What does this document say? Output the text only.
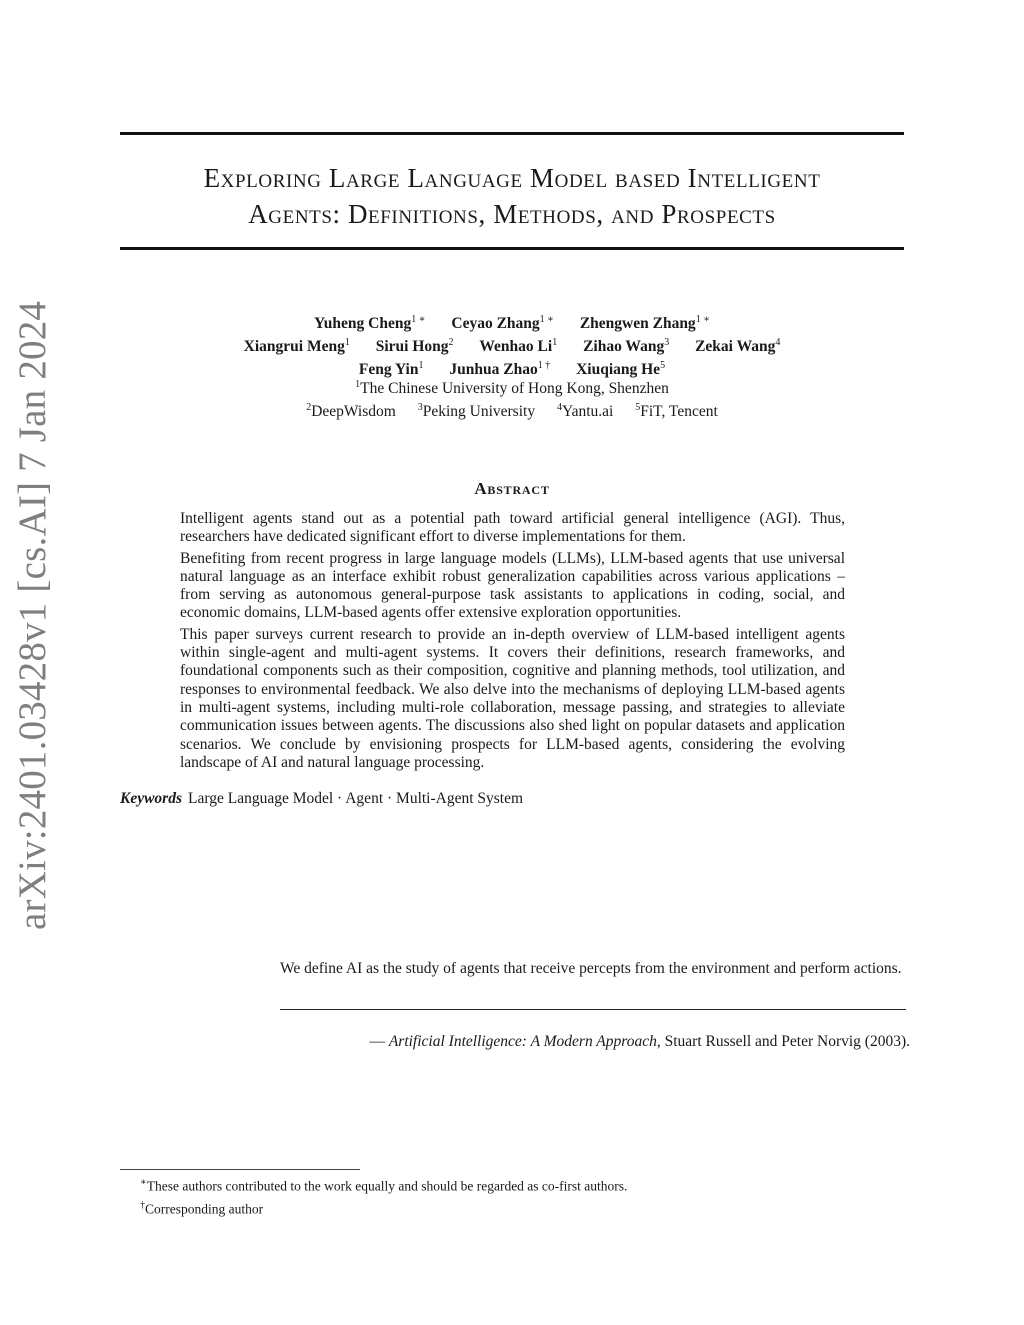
arXiv:2401.03428v1 [cs.AI] 7 Jan 2024
Exploring Large Language Model based Intelligent
Agents: Definitions, Methods, and Prospects
Yuheng Cheng$^{1 ∗}$ Ceyao Zhang$^{1 ∗}$ Zhengwen Zhang$^{1 ∗}$
Xiangrui Meng$^1$ Sirui Hong$^2$ Wenhao Li$^1$ Zihao Wang$^3$ Zekai Wang$^4$
Feng Yin$^1$ Junhua Zhao$^{1 \dagger}$ Xiuqiang He$^5$
$^1$The Chinese University of Hong Kong, Shenzhen
$^2$DeepWisdom $^3$Peking University $^4$Yantu.ai $^5$FiT, Tencent
Abstract

Intelligent agents stand out as a potential path toward artificial general intelligence (AGI). Thus, researchers have dedicated significant effort to diverse implementations for them.

Benefiting from recent progress in large language models (LLMs), LLM-based agents that use universal natural language as an interface exhibit robust generalization capabilities across various applications – from serving as autonomous general-purpose task assistants to applications in coding, social, and economic domains, LLM-based agents offer extensive exploration opportunities.

This paper surveys current research to provide an in-depth overview of LLM-based intelligent agents within single-agent and multi-agent systems. It covers their definitions, research frameworks, and foundational components such as their composition, cognitive and planning methods, tool utilization, and responses to environmental feedback. We also delve into the mechanisms of deploying LLM-based agents in multi-agent systems, including multi-role collaboration, message passing, and strategies to alleviate communication issues between agents. The discussions also shed light on popular datasets and application scenarios. We conclude by envisioning prospects for LLM-based agents, considering the evolving landscape of AI and natural language processing.

Keywords Large Language Model · Agent · Multi-Agent System
We define AI as the study of agents that receive percepts from the environment and perform actions.
— Artificial Intelligence: A Modern Approach, Stuart Russell and Peter Norvig (2003).
∗These authors contributed to the work equally and should be regarded as co-first authors.
†Corresponding author
